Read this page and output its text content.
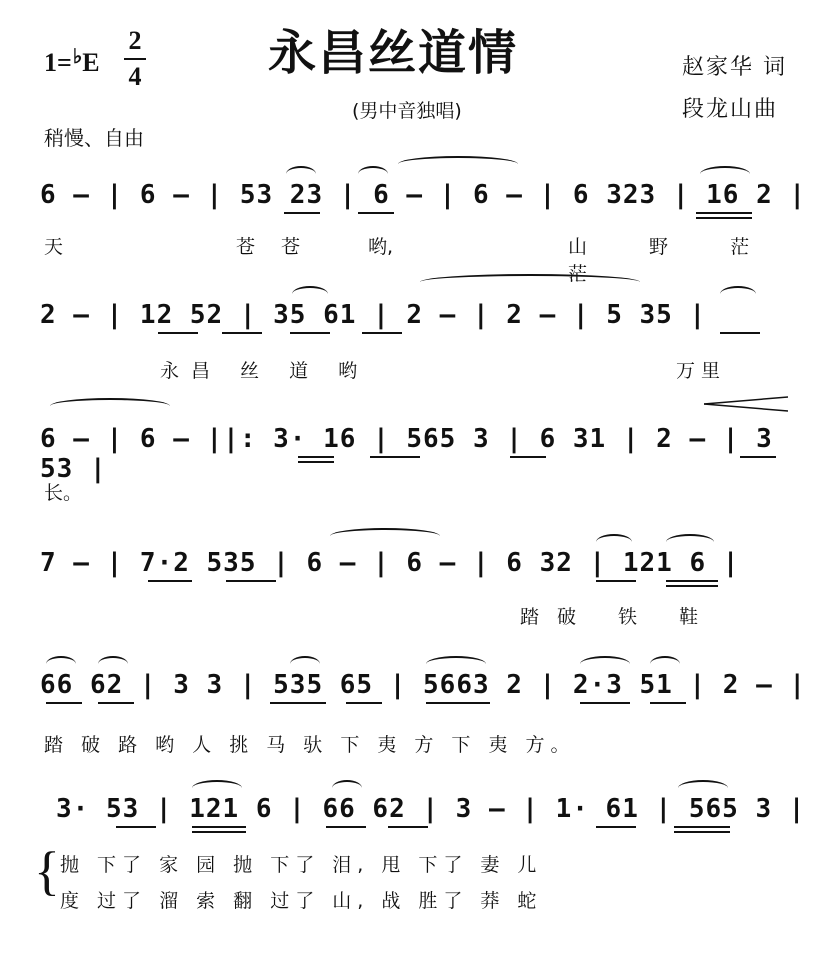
永昌丝道情
(男中音独唱)
1=♭E
2
4
稍慢、自由
赵家华 词
段龙山曲
6 – | 6 – | 53 23 | 6 – | 6 – | 6 323 | 16 2 |
天	苍 苍	哟,	山 野 茫 茫
2 – | 12 52 | 35 61 | 2 – | 2 – | 5 35 |
永昌 丝 道 哟	万 里
6 – | 6 – ||: 3· 16 | 565 3 | 6 31 | 2 – | 3 53 |
长。
7 – | 7·2 535 | 6 – | 6 – | 6 32 | 121 6 |
踏破 铁 鞋
66 62 | 3 3 | 535 65 | 5663 2 | 2·3 51 | 2 – |
踏 破 路 哟 人 挑 马 驮 下 夷 方 下 夷 方。
3· 53 | 121 6 | 66 62 | 3 – | 1· 61 | 565 3 |
{ 抛 下了 家 园 抛 下了 泪, 甩 下了 妻 儿
度 过了 溜 索 翻 过了 山, 战 胜了 莽 蛇
